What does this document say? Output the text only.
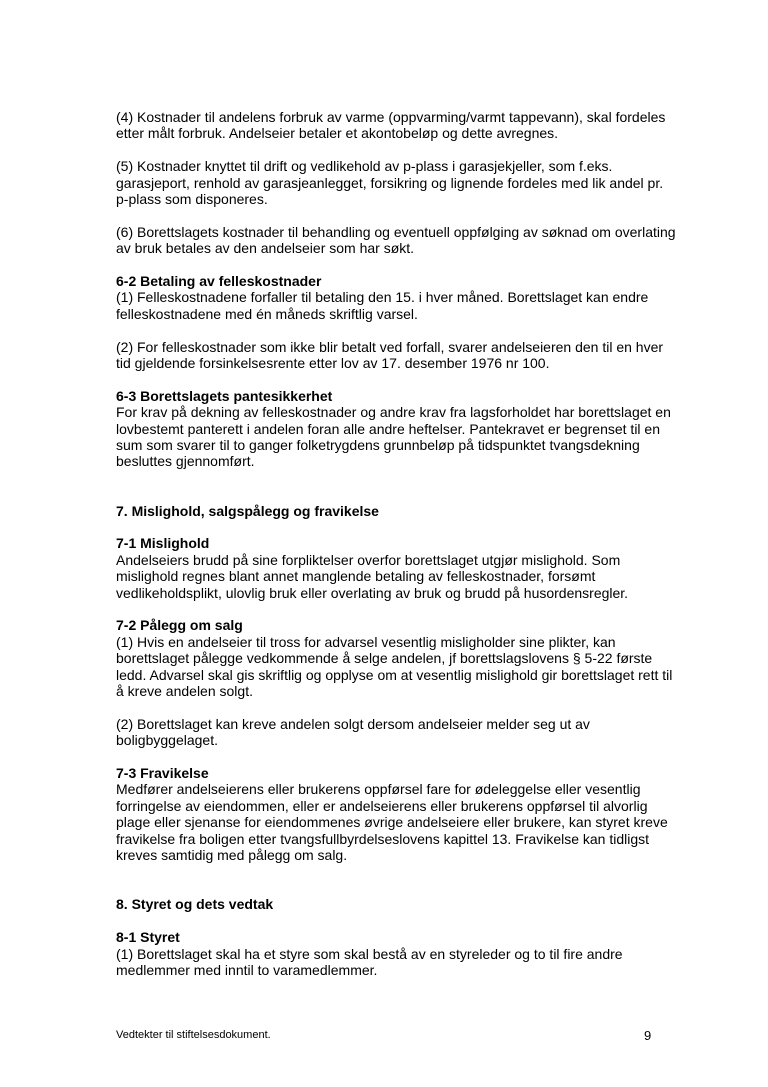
(4) Kostnader til andelens forbruk av varme (oppvarming/varmt tappevann), skal fordeles etter målt forbruk. Andelseier betaler et akontobeløp og dette avregnes.

(5) Kostnader knyttet til drift og vedlikehold av p-plass i garasjekjeller, som f.eks. garasjeport, renhold av garasjeanlegget, forsikring og lignende fordeles med lik andel pr. p-plass som disponeres.

(6) Borettslagets kostnader til behandling og eventuell oppfølging av søknad om overlating av bruk betales av den andelseier som har søkt.

6-2 Betaling av felleskostnader

(1) Felleskostnadene forfaller til betaling den 15. i hver måned. Borettslaget kan endre felleskostnadene med én måneds skriftlig varsel.

(2) For felleskostnader som ikke blir betalt ved forfall, svarer andelseieren den til en hver tid gjeldende forsinkelsesrente etter lov av 17. desember 1976 nr 100.

6-3 Borettslagets pantesikkerhet

For krav på dekning av felleskostnader og andre krav fra lagsforholdet har borettslaget en lovbestemt panterett i andelen foran alle andre heftelser. Pantekravet er begrenset til en sum som svarer til to ganger folketrygdens grunnbeløp på tidspunktet tvangsdekning besluttes gjennomført.

7. Mislighold, salgspålegg og fravikelse

7-1 Mislighold

Andelseiers brudd på sine forpliktelser overfor borettslaget utgjør mislighold. Som mislighold regnes blant annet manglende betaling av felleskostnader, forsømt vedlikeholdsplikt, ulovlig bruk eller overlating av bruk og brudd på husordensregler.

7-2 Pålegg om salg

(1) Hvis en andelseier til tross for advarsel vesentlig misligholder sine plikter, kan borettslaget pålegge vedkommende å selge andelen, jf borettslagslovens § 5-22 første ledd. Advarsel skal gis skriftlig og opplyse om at vesentlig mislighold gir borettslaget rett til å kreve andelen solgt.

(2) Borettslaget kan kreve andelen solgt dersom andelseier melder seg ut av boligbyggelaget.

7-3 Fravikelse

Medfører andelseierens eller brukerens oppførsel fare for ødeleggelse eller vesentlig forringelse av eiendommen, eller er andelseierens eller brukerens oppførsel til alvorlig plage eller sjenanse for eiendommenes øvrige andelseiere eller brukere, kan styret kreve fravikelse fra boligen etter tvangsfullbyrdelseslovens kapittel 13. Fravikelse kan tidligst kreves samtidig med pålegg om salg.

8. Styret og dets vedtak

8-1 Styret

(1) Borettslaget skal ha et styre som skal bestå av en styreleder og to til fire andre medlemmer med inntil to varamedlemmer.

Vedtekter til stiftelsesdokument.	9
